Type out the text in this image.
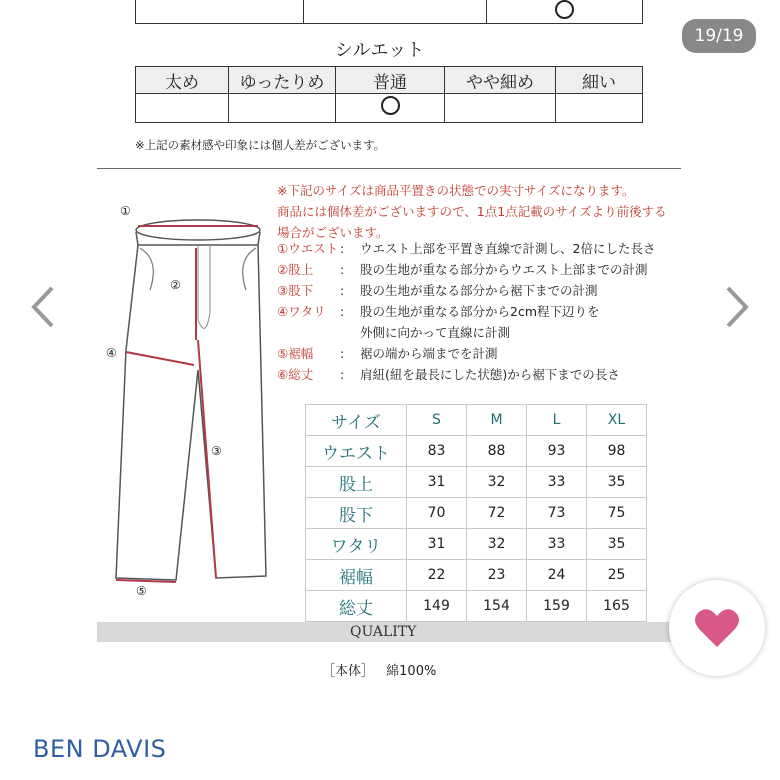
19/19
シルエット
太め	ゆったりめ	普通	やや細め	細い

※上記の素材感や印象には個人差がございます。
①
②
③
④
⑤
※下記のサイズは商品平置きの状態での実寸サイズになります。
商品には個体差がございますので、1点1点記載のサイズより前後する
場合がございます。
①ウエスト : ウエスト上部を平置き直線で計測し、2倍にした長さ
②股上 : 股の生地が重なる部分からウエスト上部までの計測
③股下 : 股の生地が重なる部分から裾下までの計測
④ワタリ : 股の生地が重なる部分から2cm程下辺りを
外側に向かって直線に計測
⑤裾幅 : 裾の端から端までを計測
⑥総丈 : 肩紐(紐を最長にした状態)から裾下までの長さ
サイズ	S	M	L	XL
ウエスト	83	88	93	98
股上	31	32	33	35
股下	70	72	73	75
ワタリ	31	32	33	35
裾幅	22	23	24	25
総丈	149	154	159	165
QUALITY
［本体］ 綿100%
BEN DAVIS
